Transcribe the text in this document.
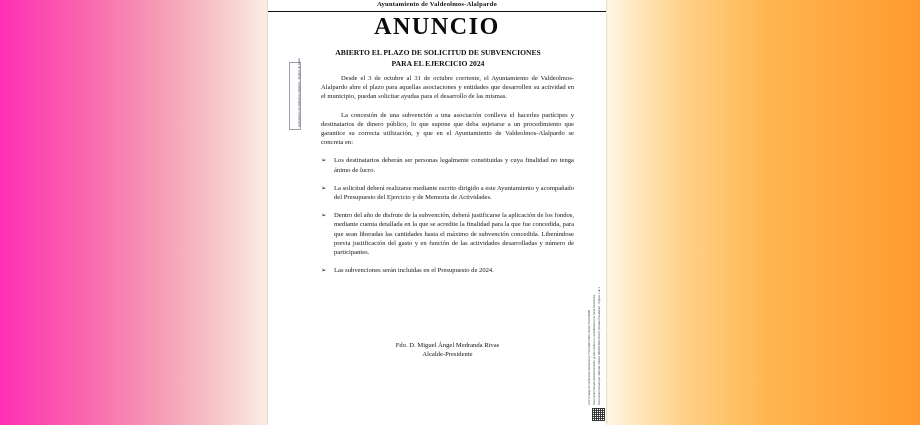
Ayuntamiento de Valdeolmos-Alalpardo
Ayuntamiento de Valdeolmos-Alalpardo · Registro de Salida
ANUNCIO
ABIERTO EL PLAZO DE SOLICITUD DE SUBVENCIONES
PARA EL EJERCICIO 2024

Desde el 3 de octubre al 31 de octubre corriente, el Ayuntamiento de Valdeolmos-Alalpardo abre el plazo para aquellas asociaciones y entidades que desarrollen su actividad en el municipio, puedan solicitar ayudas para el desarrollo de las mismas.

La concesión de una subvención a una asociación conlleva el hacerles partícipes y destinatarios de dinero público, lo que supone que deba sujetarse a un procedimiento que garantice su correcta utilización, y que en el Ayuntamiento de Valdeolmos-Alalpardo se concreta en:

➢ Los destinatarios deberán ser personas legalmente constituidas y cuya finalidad no tenga ánimo de lucro.
➢ La solicitud deberá realizarse mediante escrito dirigido a este Ayuntamiento y acompañado del Presupuesto del Ejercicio y de Memoria de Actividades.
➢ Dentro del año de disfrute de la subvención, deberá justificarse la aplicación de los fondos, mediante cuenta detallada en la que se acredite la finalidad para la que fue concedida, para que sean liberadas las cantidades hasta el máximo de subvención concedida. Liberándose previa justificación del gasto y en función de las actividades desarrolladas y número de participantes.
➢ Las subvenciones serán incluidas en el Presupuesto de 2024.
Fdo. D. Miguel Ángel Medranda Rivas
Alcalde-Presidente	CSV (Código de Verificación Electrónica): ITXA3QW7VWCLHGAIHTJHKA98D5 Documento firmado electrónicamente, puede verificar su autenticidad en la Sede Electrónica Documento firmado por: MIGUEL ANGEL MEDRANDA RIVAS (Alcalde-Presidente) · Página 1 de 1
